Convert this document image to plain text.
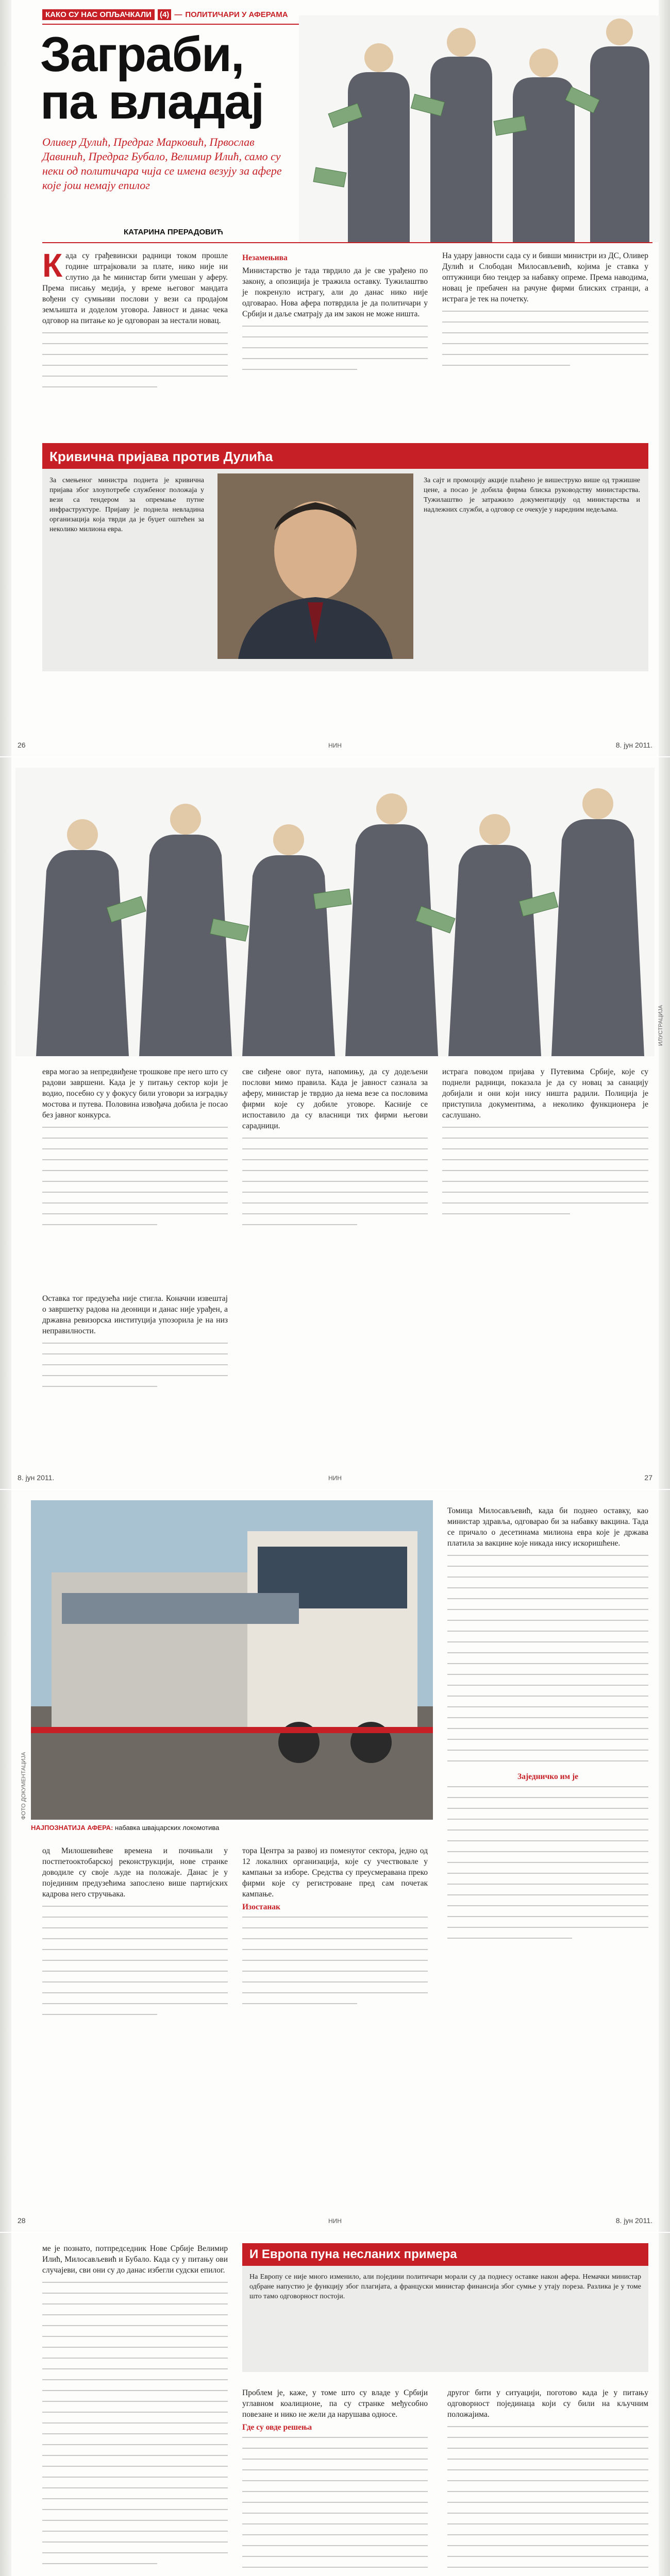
КАКО СУ НАС ОПЉАЧКАЛИ	(4) — ПОЛИТИЧАРИ У АФЕРАМА
Заграби, па владај
Оливер Дулић, Предраг Марковић, Првослав Давинић, Предраг Бубало, Велимир Илић, само су неки од политичара чија се имена везују за афере које још немају епилог
КАТАРИНА ПРЕРАДОВИЋ
К ада су грађевински радници током прошле године штрајковали за плате, нико није ни слутио да ће министар бити умешан у аферу. Према писању медија, у време његовог мандата вођени су сумњиви послови у вези са продајом земљишта и доделом уговора. Јавност и данас чека одговор на питање ко је одговоран за нестали новац.
Незамењива
Министарство је тада тврдило да је све урађено по закону, а опозиција је тражила оставку. Тужилаштво је покренуло истрагу, али до данас нико није одговарао. Нова афера потврдила је да политичари у Србији и даље сматрају да им закон не може ништа.
На удару јавности сада су и бивши министри из ДС, Оливер Дулић и Слободан Милосављевић, којима је ставка у оптужници био тендер за набавку опреме. Према наводима, новац је пребачен на рачуне фирми блиских странци, а истрага је тек на почетку.
Кривична пријава против Дулића
За смењеног министра поднета је кривична пријава због злоупотребе службеног положаја у вези са тендером за опремање путне инфраструктуре. Пријаву је поднела невладина организација која тврди да је буџет оштећен за неколико милиона евра.
За сајт и промоцију акције плаћено је вишеструко више од тржишне цене, а посао је добила фирма блиска руководству министарства. Тужилаштво је затражило документацију од министарства и надлежних служби, а одговор се очекује у наредним недељама.
26	НИН	8. јун 2011.
ИЛУСТРАЦИЈА
евра могао за непредвиђене трошкове пре него што су радови завршени. Када је у питању сектор који је водио, посебно су у фокусу били уговори за изградњу мостова и путева. Половина извођача добила је посао без јавног конкурса.
све сиђене овог пута, напомињу, да су додељени послови мимо правила. Када је јавност сазнала за аферу, министар је тврдио да нема везе са пословима фирми које су добиле уговоре. Касније се испоставило да су власници тих фирми његови сарадници.
истрага поводом пријава у Путевима Србије, које су поднели радници, показала је да су новац за санацију добијали и они који нису ништа радили. Полиција је приступила документима, а неколико функционера је саслушано.
Оставка тог предузећа није стигла. Коначни извештај о завршетку радова на деоници и данас није урађен, а државна ревизорска институција упозорила је на низ неправилности.
8. јун 2011.	НИН	27
НАЈПОЗНАТИЈА АФЕРА: набавка швајцарских локомотива
ФОТО ДОКУМЕНТАЦИЈА
од Милошевићеве времена и почињали у постпетооктобарској реконструкцији, нове странке доводиле су своје људе на положаје. Данас је у појединим предузећима запослено више партијских кадрова него стручњака.
тора Центра за развој из поменутог сектора, једно од 12 локалних организација, које су учествовале у кампањи за изборе. Средства су преусмеравана преко фирми које су регистроване пред сам почетак кампање.
Изостанак
Томица Милосављевић, када би поднео оставку, као министар здравља, одговарао би за набавку вакцина. Тада се причало о десетинама милиона евра које је држава платила за вакцине које никада нису искоришћене.
Заједничко им је
28	НИН	8. јун 2011.
И Европа пуна несланих примера
На Европу се није много изменило, али поједини политичари морали су да поднесу оставке након афера. Немачки министар одбране напустио је функцију због плагијата, а француски министар финансија због сумње у утају пореза. Разлика је у томе што тамо одговорност постоји.
ме је познато, потпредседник Нове Србије Велимир Илић, Милосављевић и Бубало. Када су у питању ови случајеви, сви они су до данас избегли судски епилог.
Проблем је, каже, у томе што су владе у Србији углавном коалиционе, па су странке међусобно повезане и нико не жели да нарушава односе.
Где су овде решења
другог бити у ситуацији, поготово када је у питању одговорност појединаца који су били на кључним положајима.
